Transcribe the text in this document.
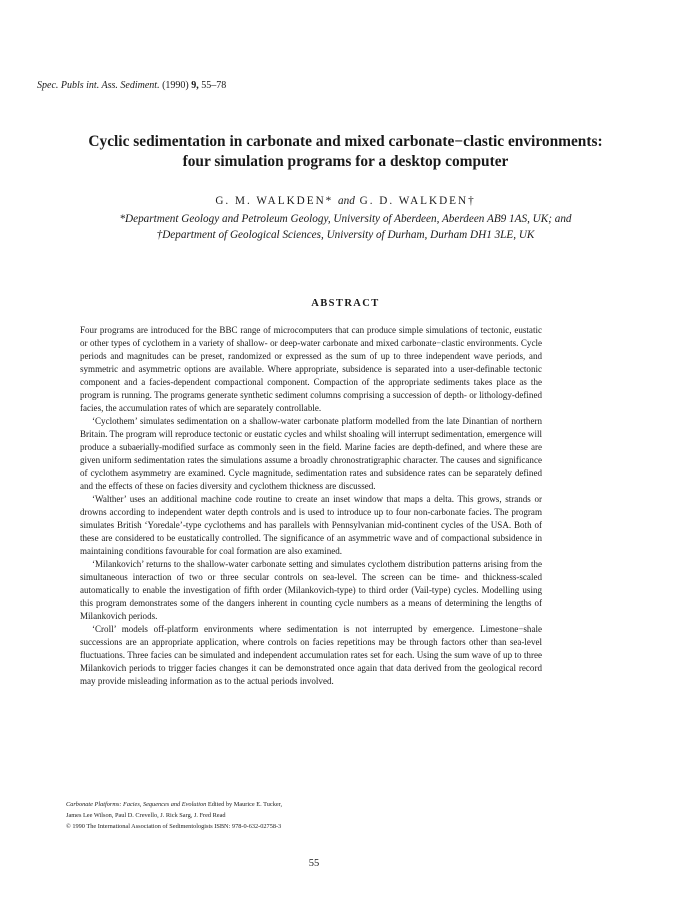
Spec. Publs int. Ass. Sediment. (1990) 9, 55–78
Cyclic sedimentation in carbonate and mixed carbonate−clastic environments:
four simulation programs for a desktop computer
G. M. WALKDEN* and G. D. WALKDEN†
*Department Geology and Petroleum Geology, University of Aberdeen, Aberdeen AB9 1AS, UK; and
†Department of Geological Sciences, University of Durham, Durham DH1 3LE, UK
ABSTRACT

Four programs are introduced for the BBC range of microcomputers that can produce simple simulations of tectonic, eustatic or other types of cyclothem in a variety of shallow- or deep-water carbonate and mixed carbonate−clastic environments. Cycle periods and magnitudes can be preset, randomized or expressed as the sum of up to three independent wave periods, and symmetric and asymmetric options are available. Where appropriate, subsidence is separated into a user-definable tectonic component and a facies-dependent compactional component. Compaction of the appropriate sediments takes place as the program is running. The programs generate synthetic sediment columns comprising a succession of depth- or lithology-defined facies, the accumulation rates of which are separately controllable.

‘Cyclothem’ simulates sedimentation on a shallow-water carbonate platform modelled from the late Dinantian of northern Britain. The program will reproduce tectonic or eustatic cycles and whilst shoaling will interrupt sedimentation, emergence will produce a subaerially-modified surface as commonly seen in the field. Marine facies are depth-defined, and where these are given uniform sedimentation rates the simulations assume a broadly chronostratigraphic character. The causes and significance of cyclothem asymmetry are examined. Cycle magnitude, sedimentation rates and subsidence rates can be separately defined and the effects of these on facies diversity and cyclothem thickness are discussed.

‘Walther’ uses an additional machine code routine to create an inset window that maps a delta. This grows, strands or drowns according to independent water depth controls and is used to introduce up to four non-carbonate facies. The program simulates British ‘Yoredale’-type cyclothems and has parallels with Pennsylvanian mid-continent cycles of the USA. Both of these are considered to be eustatically controlled. The significance of an asymmetric wave and of compactional subsidence in maintaining conditions favourable for coal formation are also examined.

‘Milankovich’ returns to the shallow-water carbonate setting and simulates cyclothem distribution patterns arising from the simultaneous interaction of two or three secular controls on sea-level. The screen can be time- and thickness-scaled automatically to enable the investigation of fifth order (Milankovich-type) to third order (Vail-type) cycles. Modelling using this program demonstrates some of the dangers inherent in counting cycle numbers as a means of determining the lengths of Milankovich periods.

‘Croll’ models off-platform environments where sedimentation is not interrupted by emergence. Limestone−shale successions are an appropriate application, where controls on facies repetitions may be through factors other than sea-level fluctuations. Three facies can be simulated and independent accumulation rates set for each. Using the sum wave of up to three Milankovich periods to trigger facies changes it can be demonstrated once again that data derived from the geological record may provide misleading information as to the actual periods involved.

Carbonate Platforms: Facies, Sequences and Evolution Edited by Maurice E. Tucker,
James Lee Wilson, Paul D. Crevello, J. Rick Sarg, J. Fred Read
© 1990 The International Association of Sedimentologists ISBN: 978-0-632-02758-3
55
